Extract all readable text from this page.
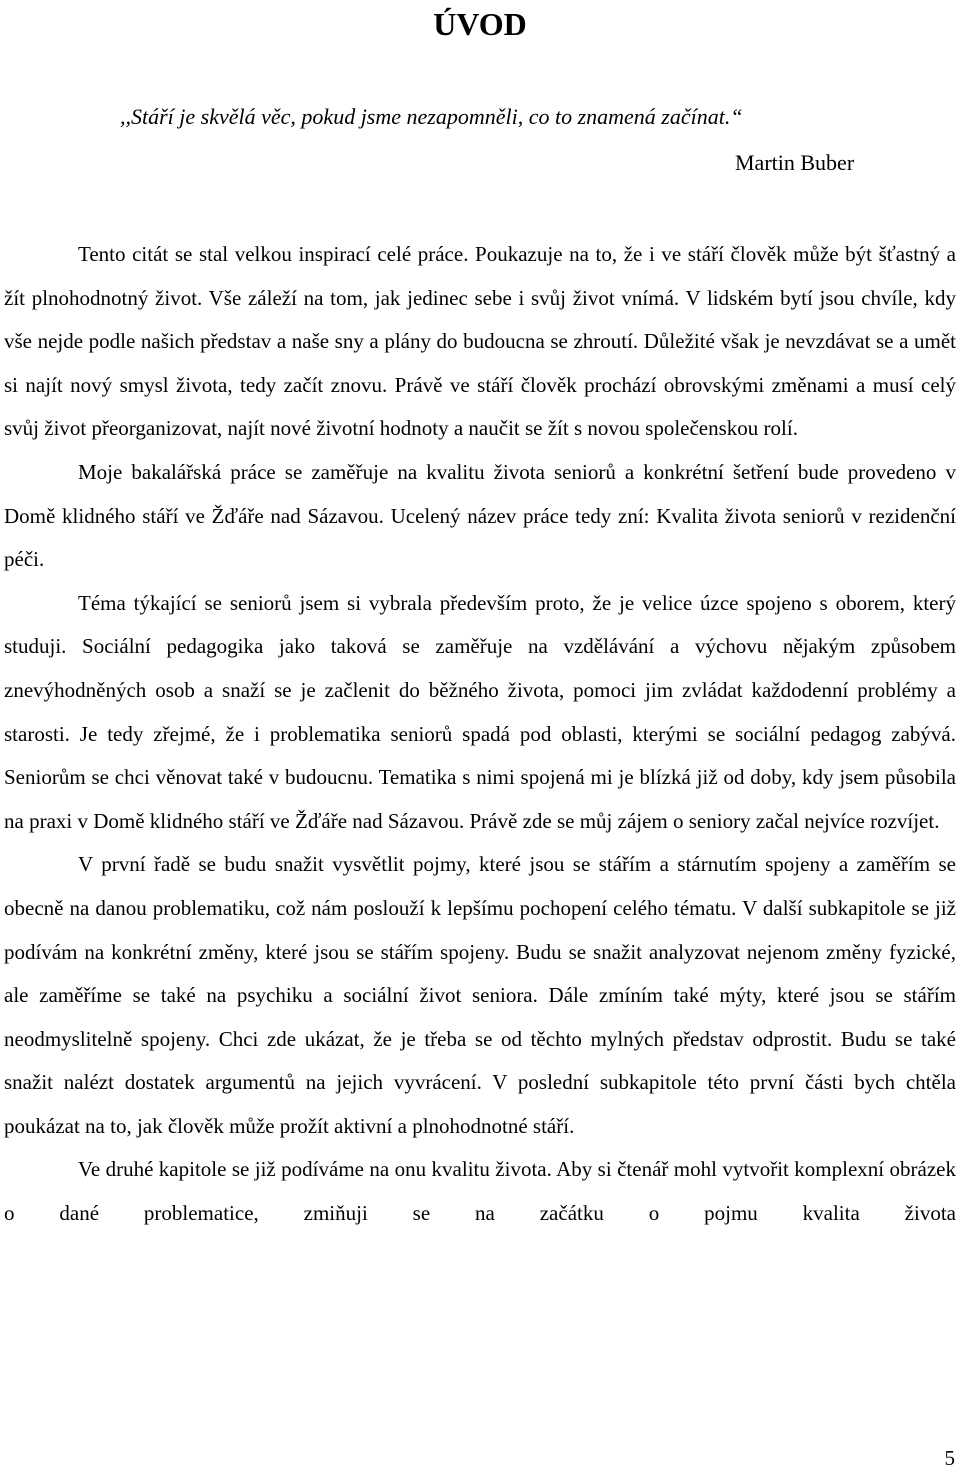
ÚVOD
,,Stáří je skvělá věc, pokud jsme nezapomněli, co to znamená začínat.“
Martin Buber

Tento citát se stal velkou inspirací celé práce. Poukazuje na to, že i ve stáří člověk může být šťastný a žít plnohodnotný život. Vše záleží na tom, jak jedinec sebe i svůj život vnímá. V lidském bytí jsou chvíle, kdy vše nejde podle našich představ a naše sny a plány do budoucna se zhroutí. Důležité však je nevzdávat se a umět si najít nový smysl života, tedy začít znovu. Právě ve stáří člověk prochází obrovskými změnami a musí celý svůj život přeorganizovat, najít nové životní hodnoty a naučit se žít s novou společenskou rolí.

Moje bakalářská práce se zaměřuje na kvalitu života seniorů a konkrétní šetření bude provedeno v Domě klidného stáří ve Žďáře nad Sázavou. Ucelený název práce tedy zní: Kvalita života seniorů v rezidenční péči.

Téma týkající se seniorů jsem si vybrala především proto, že je velice úzce spojeno s oborem, který studuji. Sociální pedagogika jako taková se zaměřuje na vzdělávání a výchovu nějakým způsobem znevýhodněných osob a snaží se je začlenit do běžného života, pomoci jim zvládat každodenní problémy a starosti. Je tedy zřejmé, že i problematika seniorů spadá pod oblasti, kterými se sociální pedagog zabývá. Seniorům se chci věnovat také v budoucnu. Tematika s nimi spojená mi je blízká již od doby, kdy jsem působila na praxi v Domě klidného stáří ve Žďáře nad Sázavou. Právě zde se můj zájem o seniory začal nejvíce rozvíjet.

V první řadě se budu snažit vysvětlit pojmy, které jsou se stářím a stárnutím spojeny a zaměřím se obecně na danou problematiku, což nám poslouží k lepšímu pochopení celého tématu. V další subkapitole se již podívám na konkrétní změny, které jsou se stářím spojeny. Budu se snažit analyzovat nejenom změny fyzické, ale zaměříme se také na psychiku a sociální život seniora. Dále zmíním také mýty, které jsou se stářím neodmyslitelně spojeny. Chci zde ukázat, že je třeba se od těchto mylných představ odprostit. Budu se také snažit nalézt dostatek argumentů na jejich vyvrácení. V poslední subkapitole této první části bych chtěla poukázat na to, jak člověk může prožít aktivní a plnohodnotné stáří.

Ve druhé kapitole se již podíváme na onu kvalitu života. Aby si čtenář mohl vytvořit komplexní obrázek o dané problematice, zmiňuji se na začátku o pojmu kvalita života

5
